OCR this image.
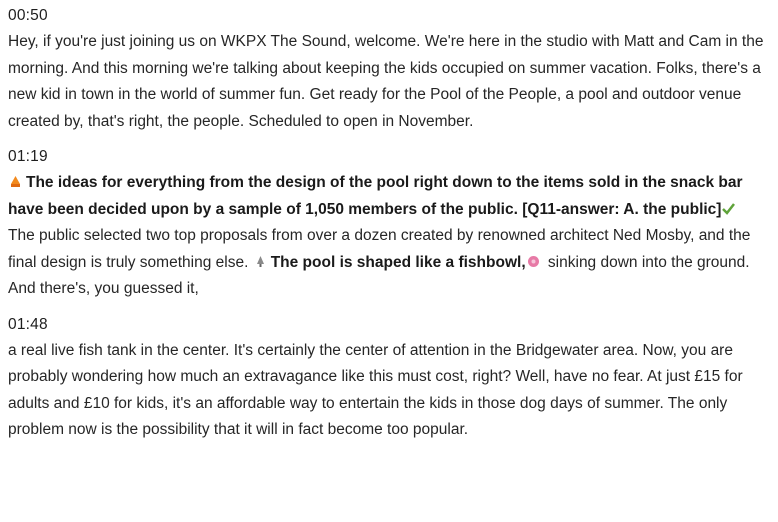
00:50

Hey, if you're just joining us on WKPX The Sound, welcome. We're here in the studio with Matt and Cam in the morning. And this morning we're talking about keeping the kids occupied on summer vacation. Folks, there's a new kid in town in the world of summer fun. Get ready for the Pool of the People, a pool and outdoor venue created by, that's right, the people. Scheduled to open in November.

01:19

The ideas for everything from the design of the pool right down to the items sold in the snack bar have been decided upon by a sample of 1,050 members of the public. [Q11-answer: A. the public] The public selected two top proposals from over a dozen created by renowned architect Ned Mosby, and the final design is truly something else. The pool is shaped like a fishbowl, sinking down into the ground. And there's, you guessed it,

01:48

a real live fish tank in the center. It's certainly the center of attention in the Bridgewater area. Now, you are probably wondering how much an extravagance like this must cost, right? Well, have no fear. At just £15 for adults and £10 for kids, it's an affordable way to entertain the kids in those dog days of summer. The only problem now is the possibility that it will in fact become too popular.
